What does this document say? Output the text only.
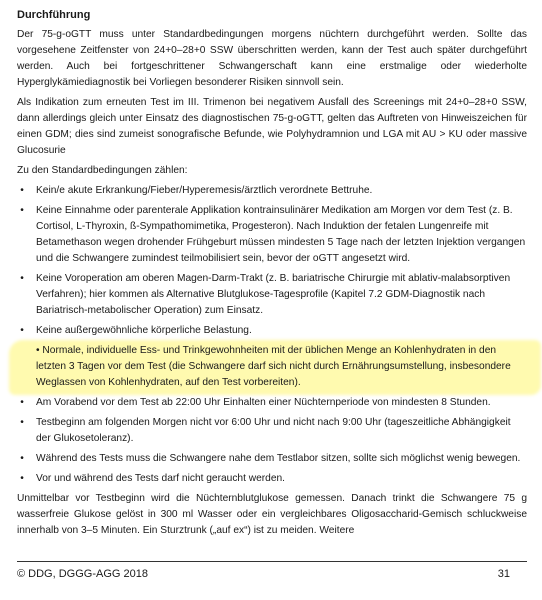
Durchführung

Der 75-g-oGTT muss unter Standardbedingungen morgens nüchtern durchgeführt werden. Sollte das vorgesehene Zeitfenster von 24+0–28+0 SSW überschritten werden, kann der Test auch später durchgeführt werden. Auch bei fortgeschrittener Schwangerschaft kann eine erstmalige oder wiederholte Hyperglykämiediagnostik bei Vorliegen besonderer Risiken sinnvoll sein.

Als Indikation zum erneuten Test im III. Trimenon bei negativem Ausfall des Screenings mit 24+0–28+0 SSW, dann allerdings gleich unter Einsatz des diagnostischen 75-g-oGTT, gelten das Auftreten von Hinweiszeichen für einen GDM; dies sind zumeist sonografische Befunde, wie Polyhydramnion und LGA mit AU > KU oder massive Glucosurie

Zu den Standardbedingungen zählen:

•	Kein/e akute Erkrankung/Fieber/Hyperemesis/ärztlich verordnete Bettruhe.
•	Keine Einnahme oder parenterale Applikation kontrainsulinärer Medikation am Morgen vor dem Test (z. B. Cortisol, L-Thyroxin, ß-Sympathomimetika, Progesteron). Nach Induktion der fetalen Lungenreife mit Betamethason wegen drohender Frühgeburt müssen mindesten 5 Tage nach der letzten Injektion vergangen und die Schwangere zumindest teilmobilisiert sein, bevor der oGTT angesetzt wird.
•	Keine Voroperation am oberen Magen-Darm-Trakt (z. B. bariatrische Chirurgie mit ablativ-malabsorptiven Verfahren); hier kommen als Alternative Blutglukose-Tagesprofile (Kapitel 7.2 GDM-Diagnostik nach Bariatrisch-metabolischer Operation) zum Einsatz.
•	Keine außergewöhnliche körperliche Belastung.
• Normale, individuelle Ess- und Trinkgewohnheiten mit der üblichen Menge an Kohlenhydraten in den letzten 3 Tagen vor dem Test (die Schwangere darf sich nicht durch Ernährungsumstellung, insbesondere Weglassen von Kohlenhydraten, auf den Test vorbereiten).
•	Am Vorabend vor dem Test ab 22:00 Uhr Einhalten einer Nüchternperiode von mindesten 8 Stunden.
•	Testbeginn am folgenden Morgen nicht vor 6:00 Uhr und nicht nach 9:00 Uhr (tageszeitliche Abhängigkeit der Glukosetoleranz).
•	Während des Tests muss die Schwangere nahe dem Testlabor sitzen, sollte sich möglichst wenig bewegen.
•	Vor und während des Tests darf nicht geraucht werden.

Unmittelbar vor Testbeginn wird die Nüchternblutglukose gemessen. Danach trinkt die Schwangere 75 g wasserfreie Glukose gelöst in 300 ml Wasser oder ein vergleichbares Oligosaccharid-Gemisch schluckweise innerhalb von 3–5 Minuten. Ein Sturztrunk („auf ex“) ist zu meiden. Weitere

© DDG, DGGG-AGG 2018	31
